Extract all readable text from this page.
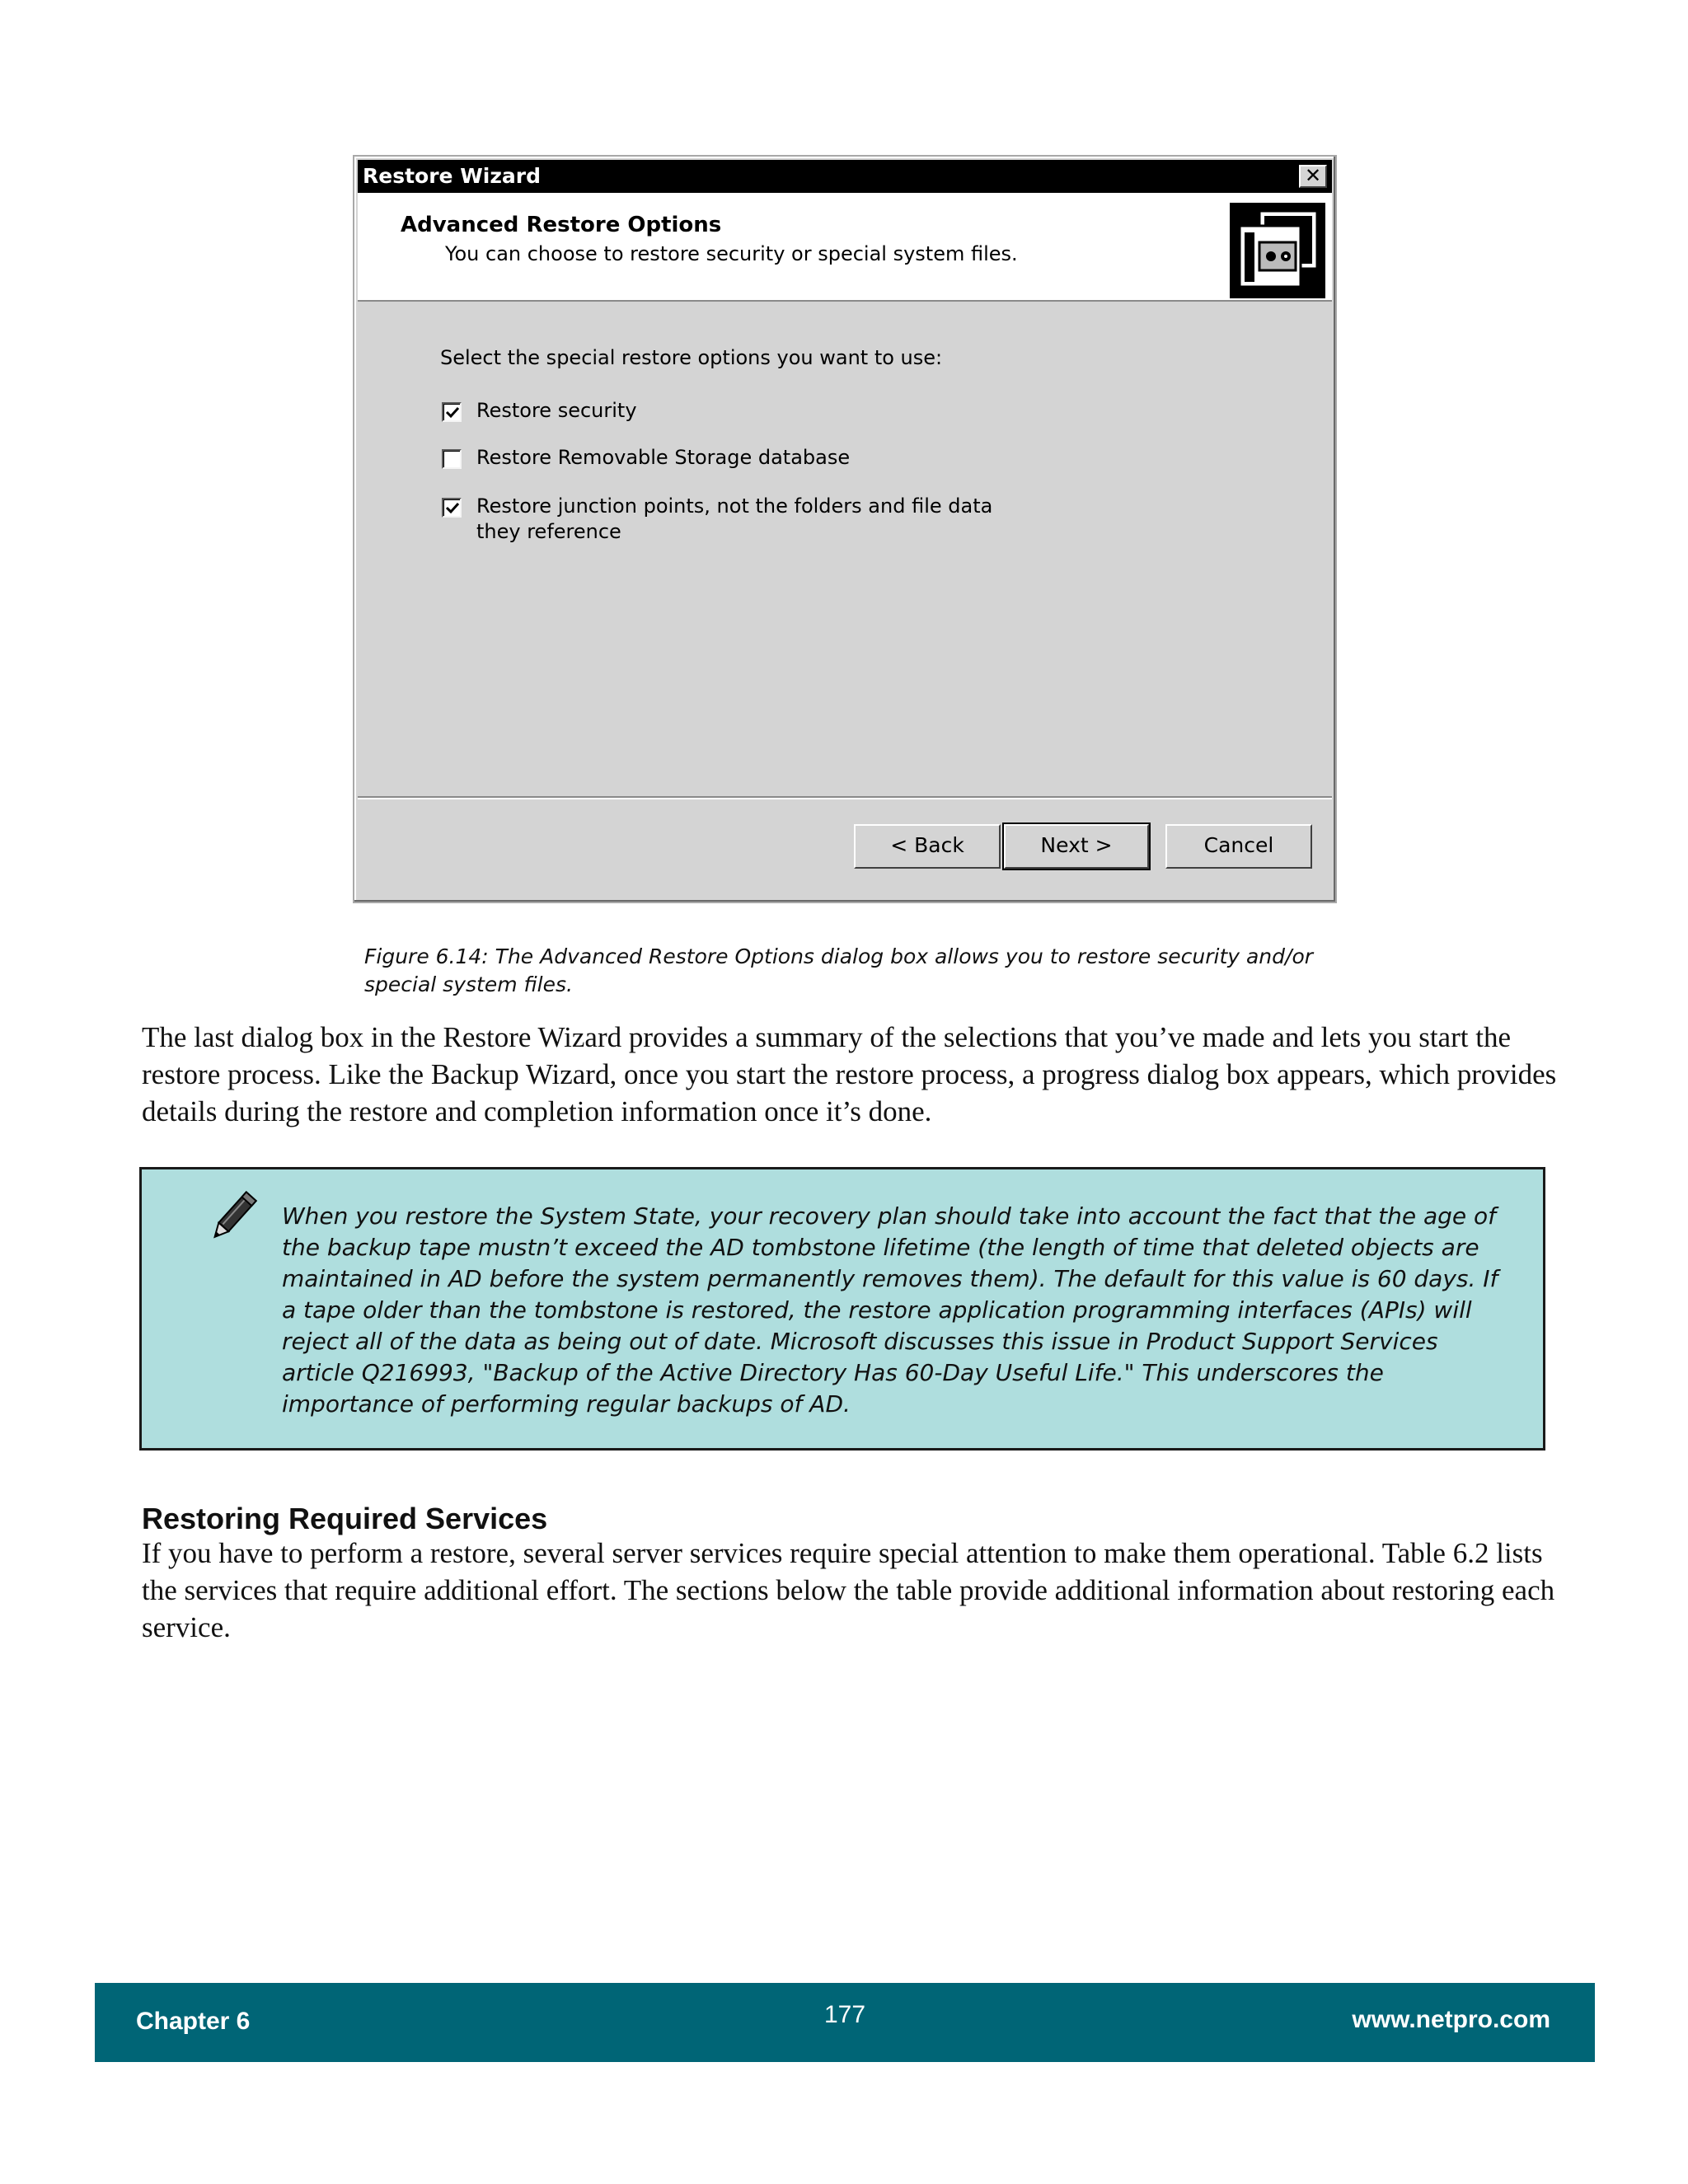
Restore Wizard	✕
Advanced Restore Options
You can choose to restore security or special system files.
Select the special restore options you want to use:
Restore security
Restore Removable Storage database
Restore junction points, not the folders and file data they reference
< Back	Next >	Cancel
Figure 6.14: The Advanced Restore Options dialog box allows you to restore security and/or special system files.
The last dialog box in the Restore Wizard provides a summary of the selections that you’ve made and lets you start the restore process. Like the Backup Wizard, once you start the restore process, a progress dialog box appears, which provides details during the restore and completion information once it’s done.
When you restore the System State, your recovery plan should take into account the fact that the age of the backup tape mustn’t exceed the AD tombstone lifetime (the length of time that deleted objects are maintained in AD before the system permanently removes them). The default for this value is 60 days. If a tape older than the tombstone is restored, the restore application programming interfaces (APIs) will reject all of the data as being out of date. Microsoft discusses this issue in Product Support Services article Q216993, "Backup of the Active Directory Has 60-Day Useful Life." This underscores the importance of performing regular backups of AD.
Restoring Required Services
If you have to perform a restore, several server services require special attention to make them operational. Table 6.2 lists the services that require additional effort. The sections below the table provide additional information about restoring each service.
Chapter 6	177	www.netpro.com
